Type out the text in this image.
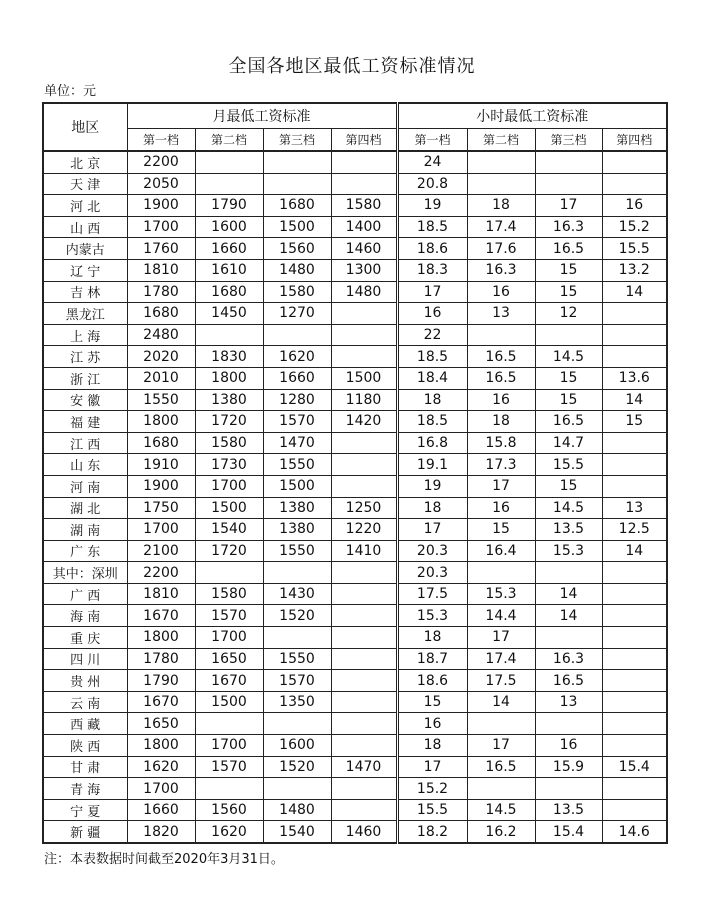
全国各地区最低工资标准情况
单位：元
地区	月最低工资标准				小时最低工资标准			
	第一档	第二档	第三档	第四档	第一档	第二档	第三档	第四档
北 京	2200				24			
天 津	2050				20.8			
河 北	1900	1790	1680	1580	19	18	17	16
山 西	1700	1600	1500	1400	18.5	17.4	16.3	15.2
内蒙古	1760	1660	1560	1460	18.6	17.6	16.5	15.5
辽 宁	1810	1610	1480	1300	18.3	16.3	15	13.2
吉 林	1780	1680	1580	1480	17	16	15	14
黑龙江	1680	1450	1270		16	13	12	
上 海	2480				22			
江 苏	2020	1830	1620		18.5	16.5	14.5	
浙 江	2010	1800	1660	1500	18.4	16.5	15	13.6
安 徽	1550	1380	1280	1180	18	16	15	14
福 建	1800	1720	1570	1420	18.5	18	16.5	15
江 西	1680	1580	1470		16.8	15.8	14.7	
山 东	1910	1730	1550		19.1	17.3	15.5	
河 南	1900	1700	1500		19	17	15	
湖 北	1750	1500	1380	1250	18	16	14.5	13
湖 南	1700	1540	1380	1220	17	15	13.5	12.5
广 东	2100	1720	1550	1410	20.3	16.4	15.3	14
其中：深圳	2200				20.3			
广 西	1810	1580	1430		17.5	15.3	14	
海 南	1670	1570	1520		15.3	14.4	14	
重 庆	1800	1700			18	17		
四 川	1780	1650	1550		18.7	17.4	16.3	
贵 州	1790	1670	1570		18.6	17.5	16.5	
云 南	1670	1500	1350		15	14	13	
西 藏	1650				16			
陕 西	1800	1700	1600		18	17	16	
甘 肃	1620	1570	1520	1470	17	16.5	15.9	15.4
青 海	1700				15.2			
宁 夏	1660	1560	1480		15.5	14.5	13.5	
新 疆	1820	1620	1540	1460	18.2	16.2	15.4	14.6
注：本表数据时间截至2020年3月31日。
